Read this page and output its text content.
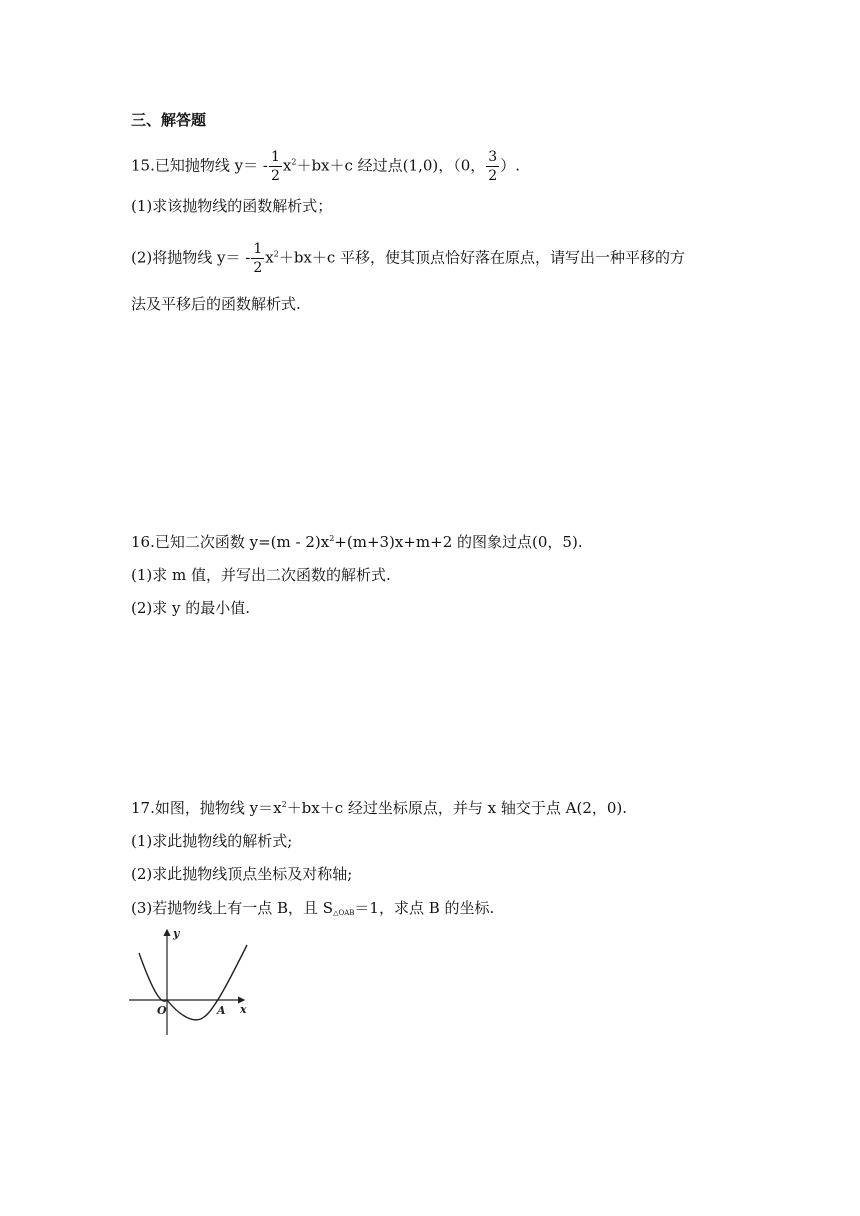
三、解答题
15.已知抛物线 $y= - \frac{1}{2} x^2+bx+c$ 经过点(1,0)，（0， $\frac{3}{2}$ ）.
(1)求该抛物线的函数解析式；
(2)将抛物线 $y= - \frac{1}{2} x^2+bx+c$ 平移，使其顶点恰好落在原点，请写出一种平移的方
法及平移后的函数解析式.
16.已知二次函数 $y=(m - 2)x^2+(m+3)x+m+2$ 的图象过点(0，5).
(1)求 m 值，并写出二次函数的解析式.
(2)求 y 的最小值.
17.如图，抛物线 $y=x^2+bx+c$ 经过坐标原点，并与 x 轴交于点 A(2，0).
(1)求此抛物线的解析式;
(2)求此抛物线顶点坐标及对称轴;
(3)若抛物线上有一点 B，且 $S_{\triangle OAB}=1$，求点 B 的坐标.
y
x
O	A
